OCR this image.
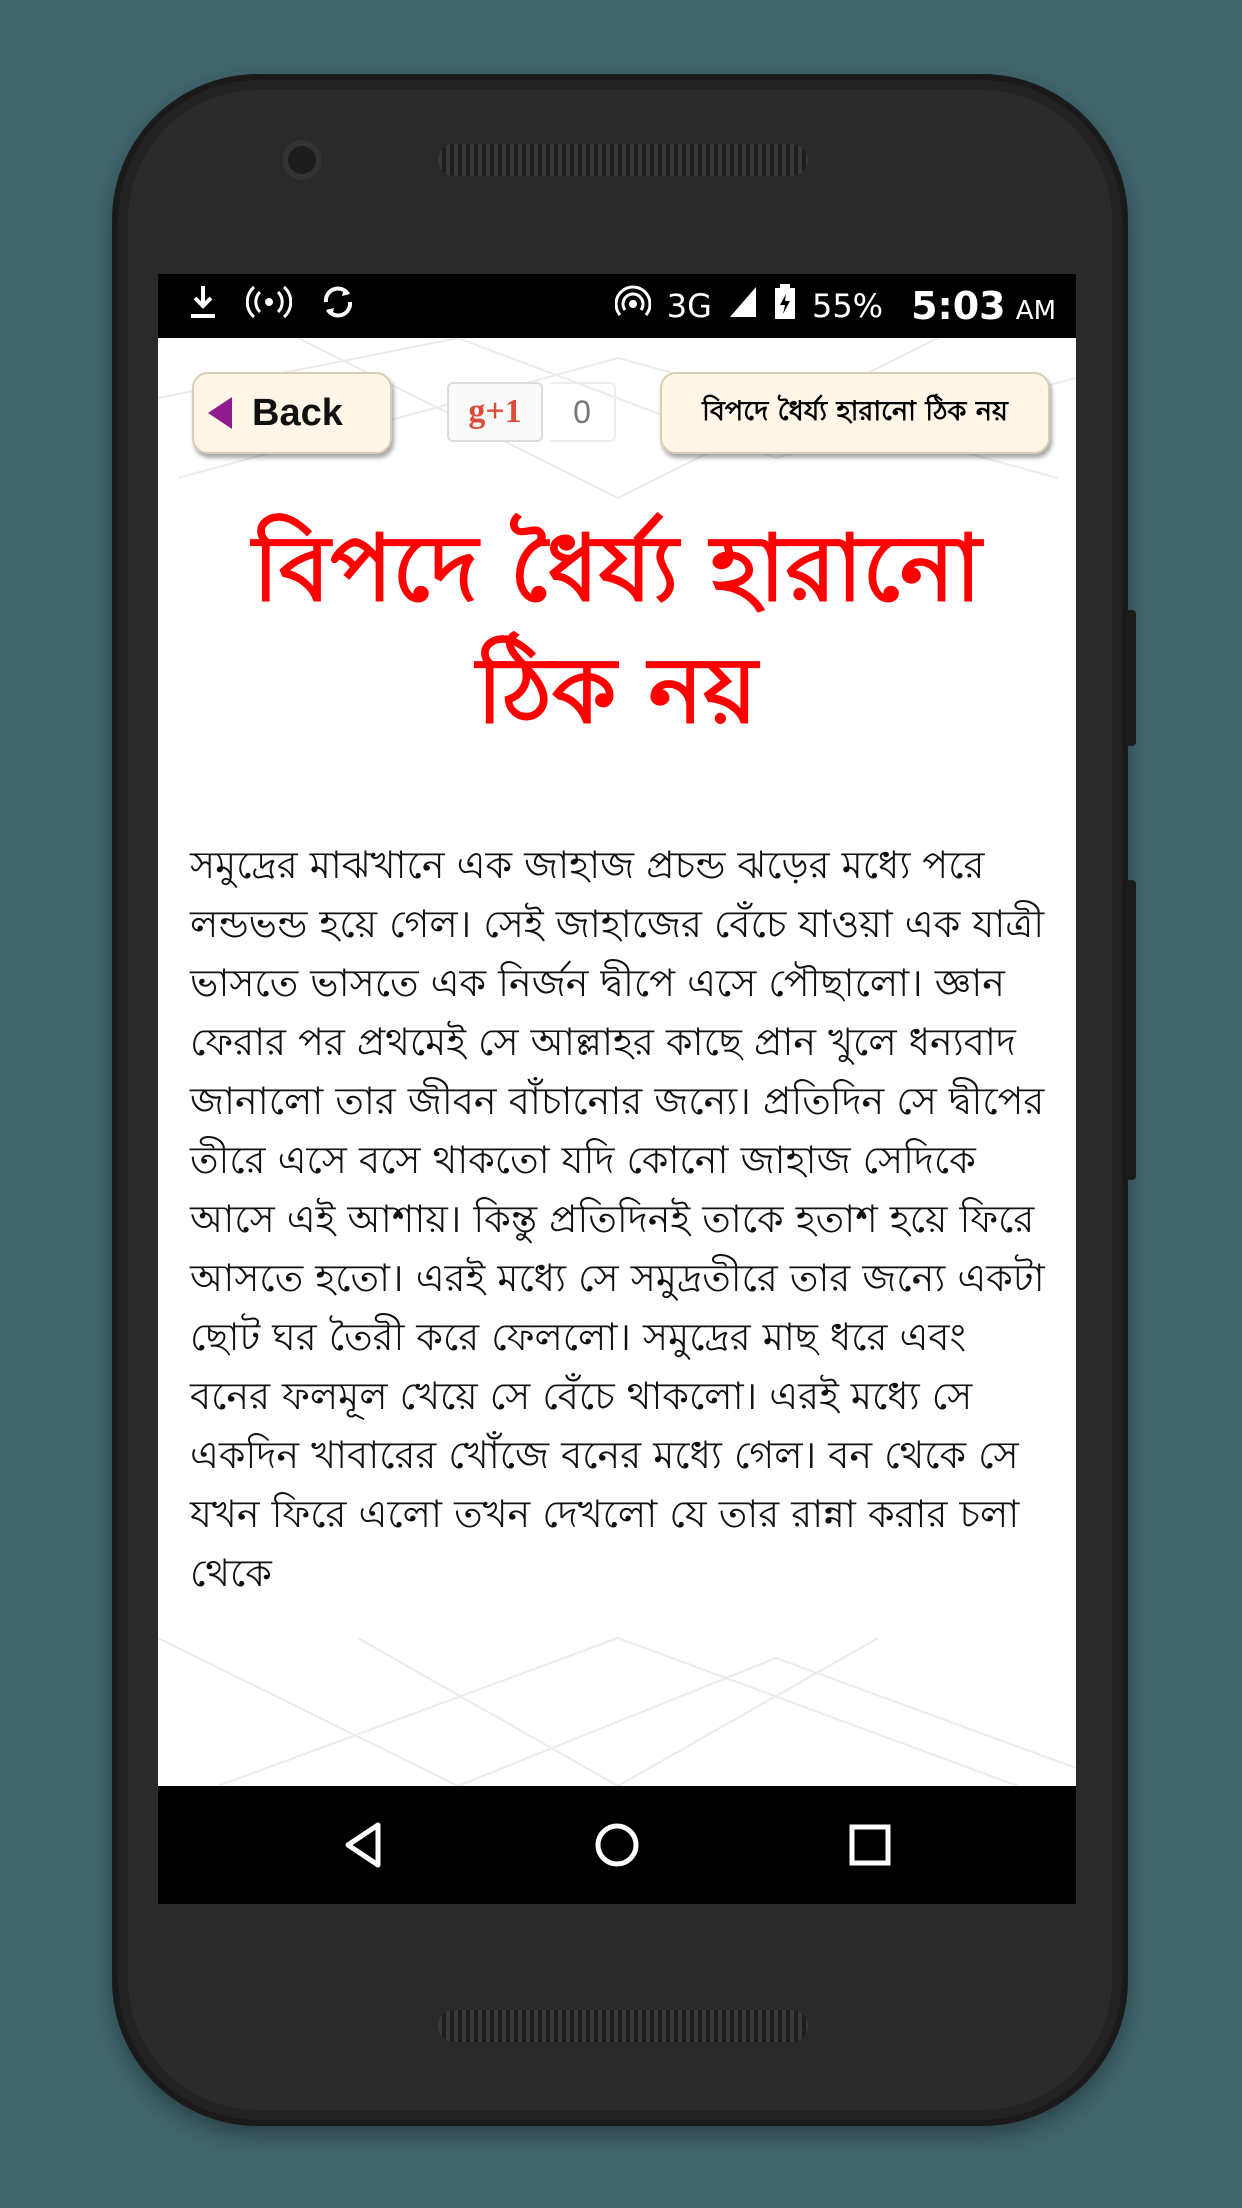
3G	55% 5:03 AM
Back	g+1	0	বিপদে ধৈর্য্য হারানো ঠিক নয়
বিপদে ধৈর্য্য হারানো ঠিক নয়
সমুদ্রের মাঝখানে এক জাহাজ প্রচন্ড ঝড়ের মধ্যে পরে লন্ডভন্ড হয়ে গেল। সেই জাহাজের বেঁচে যাওয়া এক যাত্রী ভাসতে ভাসতে এক নির্জন দ্বীপে এসে পৌছালো। জ্ঞান ফেরার পর প্রথমেই সে আল্লাহর কাছে প্রান খুলে ধন্যবাদ জানালো তার জীবন বাঁচানোর জন্যে। প্রতিদিন সে দ্বীপের তীরে এসে বসে থাকতো যদি কোনো জাহাজ সেদিকে আসে এই আশায়। কিন্তু প্রতিদিনই তাকে হতাশ হয়ে ফিরে আসতে হতো। এরই মধ্যে সে সমুদ্রতীরে তার জন্যে একটা ছোট ঘর তৈরী করে ফেললো। সমুদ্রের মাছ ধরে এবং বনের ফলমূল খেয়ে সে বেঁচে থাকলো। এরই মধ্যে সে একদিন খাবারের খোঁজে বনের মধ্যে গেল। বন থেকে সে যখন ফিরে এলো তখন দেখলো যে তার রান্না করার চলা থেকে
